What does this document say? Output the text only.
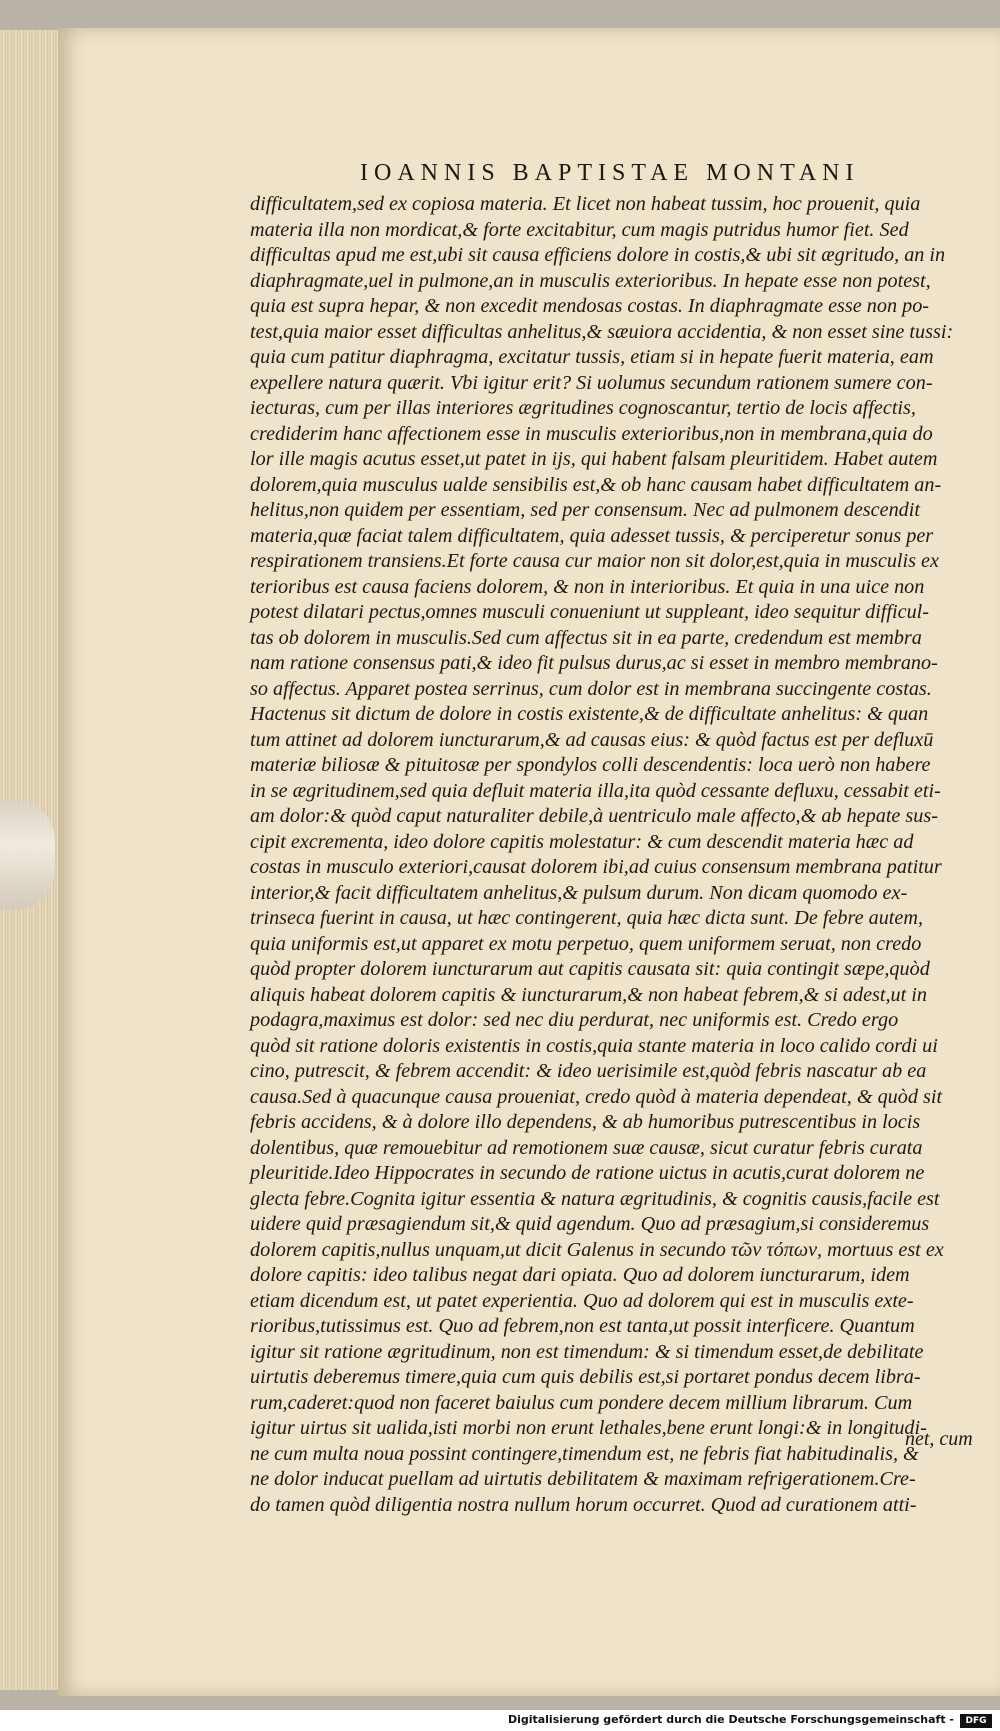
IOANNIS BAPTISTAE MONTANI
difficultatem,sed ex copiosa materia. Et licet non habeat tussim, hoc prouenit, quia
materia illa non mordicat,& forte excitabitur, cum magis putridus humor fiet. Sed
difficultas apud me est,ubi sit causa efficiens dolore in costis,& ubi sit ægritudo, an in
diaphragmate,uel in pulmone,an in musculis exterioribus. In hepate esse non potest,
quia est supra hepar, & non excedit mendosas costas. In diaphragmate esse non po-
test,quia maior esset difficultas anhelitus,& sæuiora accidentia, & non esset sine tussi:
quia cum patitur diaphragma, excitatur tussis, etiam si in hepate fuerit materia, eam
expellere natura quærit. Vbi igitur erit? Si uolumus secundum rationem sumere con-
iecturas, cum per illas interiores ægritudines cognoscantur, tertio de locis affectis,
crediderim hanc affectionem esse in musculis exterioribus,non in membrana,quia do
lor ille magis acutus esset,ut patet in ijs, qui habent falsam pleuritidem. Habet autem
dolorem,quia musculus ualde sensibilis est,& ob hanc causam habet difficultatem an-
helitus,non quidem per essentiam, sed per consensum. Nec ad pulmonem descendit
materia,quæ faciat talem difficultatem, quia adesset tussis, & perciperetur sonus per
respirationem transiens.Et forte causa cur maior non sit dolor,est,quia in musculis ex
terioribus est causa faciens dolorem, & non in interioribus. Et quia in una uice non
potest dilatari pectus,omnes musculi conueniunt ut suppleant, ideo sequitur difficul-
tas ob dolorem in musculis.Sed cum affectus sit in ea parte, credendum est membra
nam ratione consensus pati,& ideo fit pulsus durus,ac si esset in membro membrano-
so affectus. Apparet postea serrinus, cum dolor est in membrana succingente costas.
Hactenus sit dictum de dolore in costis existente,& de difficultate anhelitus: & quan
tum attinet ad dolorem iuncturarum,& ad causas eius: & quòd factus est per defluxū
materiæ biliosæ & pituitosæ per spondylos colli descendentis: loca uerò non habere
in se ægritudinem,sed quia defluit materia illa,ita quòd cessante defluxu, cessabit eti-
am dolor:& quòd caput naturaliter debile,à uentriculo male affecto,& ab hepate sus-
cipit excrementa, ideo dolore capitis molestatur: & cum descendit materia hæc ad
costas in musculo exteriori,causat dolorem ibi,ad cuius consensum membrana patitur
interior,& facit difficultatem anhelitus,& pulsum durum. Non dicam quomodo ex-
trinseca fuerint in causa, ut hæc contingerent, quia hæc dicta sunt. De febre autem,
quia uniformis est,ut apparet ex motu perpetuo, quem uniformem seruat, non credo
quòd propter dolorem iuncturarum aut capitis causata sit: quia contingit sæpe,quòd
aliquis habeat dolorem capitis & iuncturarum,& non habeat febrem,& si adest,ut in
podagra,maximus est dolor: sed nec diu perdurat, nec uniformis est. Credo ergo
quòd sit ratione doloris existentis in costis,quia stante materia in loco calido cordi ui
cino, putrescit, & febrem accendit: & ideo uerisimile est,quòd febris nascatur ab ea
causa.Sed à quacunque causa proueniat, credo quòd à materia dependeat, & quòd sit
febris accidens, & à dolore illo dependens, & ab humoribus putrescentibus in locis
dolentibus, quæ remouebitur ad remotionem suæ causæ, sicut curatur febris curata
pleuritide.Ideo Hippocrates in secundo de ratione uictus in acutis,curat dolorem ne
glecta febre.Cognita igitur essentia & natura ægritudinis, & cognitis causis,facile est
uidere quid præsagiendum sit,& quid agendum. Quo ad præsagium,si consideremus
dolorem capitis,nullus unquam,ut dicit Galenus in secundo τῶν τόπων, mortuus est ex
dolore capitis: ideo talibus negat dari opiata. Quo ad dolorem iuncturarum, idem
etiam dicendum est, ut patet experientia. Quo ad dolorem qui est in musculis exte-
rioribus,tutissimus est. Quo ad febrem,non est tanta,ut possit interficere. Quantum
igitur sit ratione ægritudinum, non est timendum: & si timendum esset,de debilitate
uirtutis deberemus timere,quia cum quis debilis est,si portaret pondus decem libra-
rum,caderet:quod non faceret baiulus cum pondere decem millium librarum. Cum
igitur uirtus sit ualida,isti morbi non erunt lethales,bene erunt longi:& in longitudi-
ne cum multa noua possint contingere,timendum est, ne febris fiat habitudinalis, &
ne dolor inducat puellam ad uirtutis debilitatem & maximam refrigerationem.Cre-
do tamen quòd diligentia nostra nullum horum occurret. Quod ad curationem atti-
net, cum
Digitalisierung gefördert durch die Deutsche Forschungsgemeinschaft -	DFG
